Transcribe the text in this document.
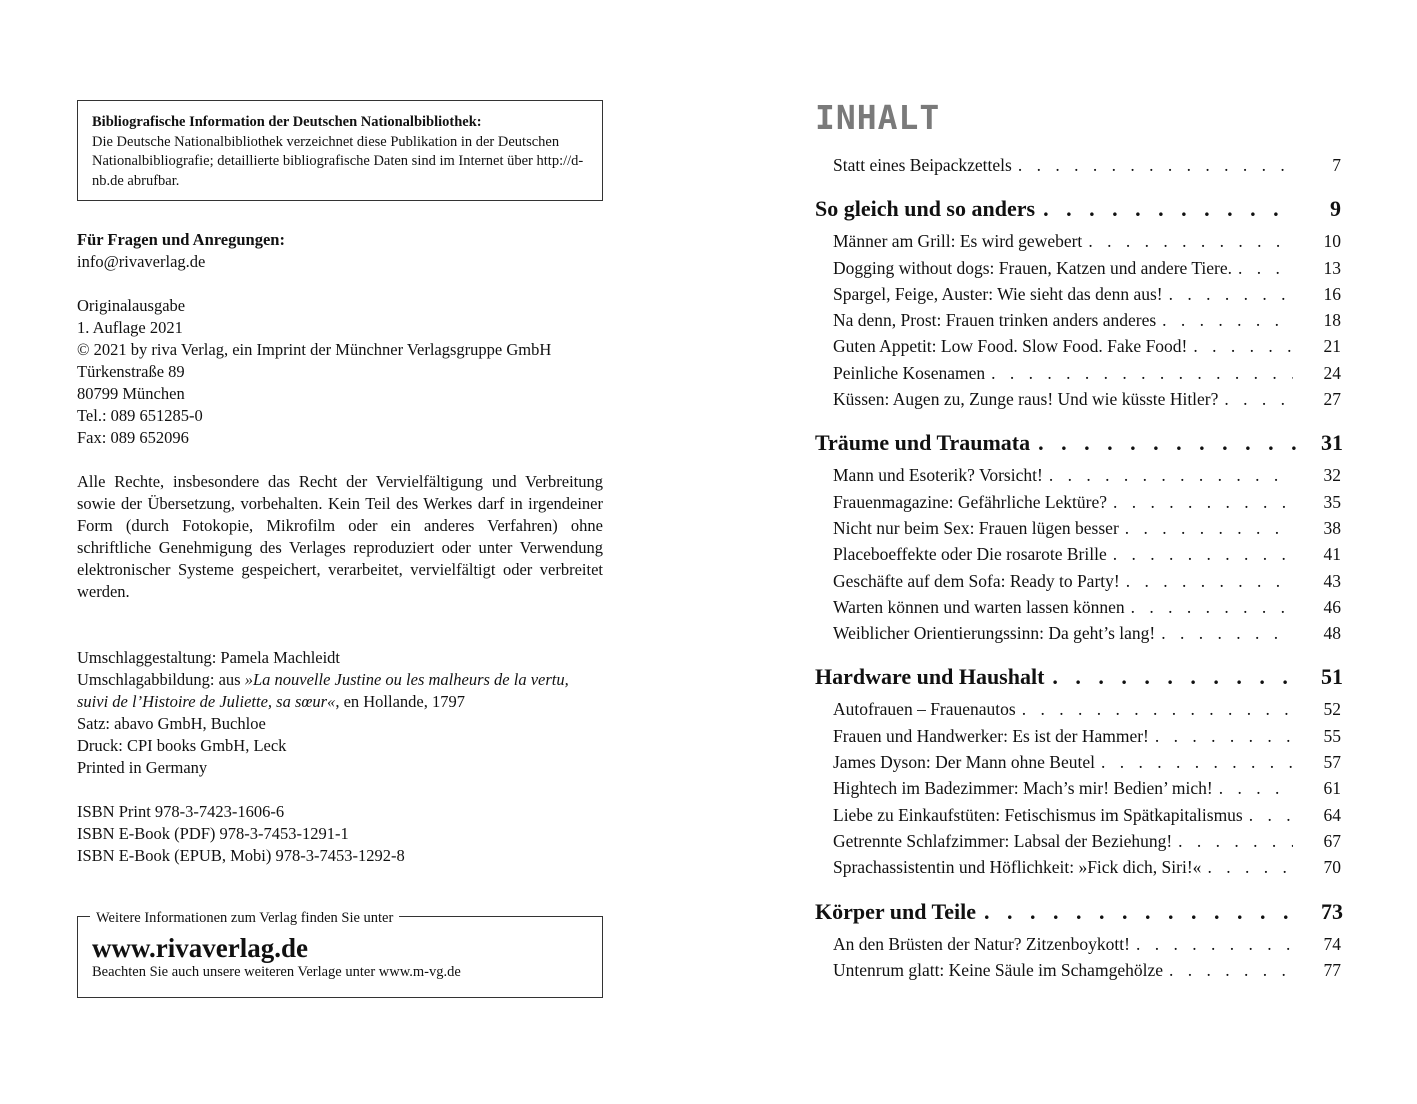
Bibliografische Information der Deutschen Nationalbibliothek:
Die Deutsche Nationalbibliothek verzeichnet diese Publikation in der Deutschen Nationalbibliografie; detaillierte bibliografische Daten sind im Internet über http://d-nb.de abrufbar.
Für Fragen und Anregungen:
info@rivaverlag.de
Originalausgabe
1. Auflage 2021
© 2021 by riva Verlag, ein Imprint der Münchner Verlagsgruppe GmbH
Türkenstraße 89
80799 München
Tel.: 089 651285-0
Fax: 089 652096
Alle Rechte, insbesondere das Recht der Vervielfältigung und Verbreitung sowie der Übersetzung, vorbehalten. Kein Teil des Werkes darf in irgendeiner Form (durch Fotokopie, Mikrofilm oder ein anderes Verfahren) ohne schriftliche Genehmigung des Verlages reproduziert oder unter Verwendung elektronischer Systeme gespeichert, verarbeitet, vervielfältigt oder verbreitet werden.
Umschlaggestaltung: Pamela Machleidt
Umschlagabbildung: aus »La nouvelle Justine ou les malheurs de la vertu, suivi de l’Histoire de Juliette, sa sœur«, en Hollande, 1797
Satz: abavo GmbH, Buchloe
Druck: CPI books GmbH, Leck
Printed in Germany
ISBN Print 978-3-7423-1606-6
ISBN E-Book (PDF) 978-3-7453-1291-1
ISBN E-Book (EPUB, Mobi) 978-3-7453-1292-8
Weitere Informationen zum Verlag finden Sie unter
www.rivaverlag.de
Beachten Sie auch unsere weiteren Verlage unter www.m-vg.de
INHALT
Statt eines Beipackzettels . . .	7
So gleich und so anders . . .	9
Männer am Grill: Es wird gewebert . . .	10
Dogging without dogs: Frauen, Katzen und andere Tiere. . . .	13
Spargel, Feige, Auster: Wie sieht das denn aus! . . .	16
Na denn, Prost: Frauen trinken anders anderes . . .	18
Guten Appetit: Low Food. Slow Food. Fake Food! . . .	21
Peinliche Kosenamen . . .	24
Küssen: Augen zu, Zunge raus! Und wie küsste Hitler? . . .	27
Träume und Traumata . . .	31
Mann und Esoterik? Vorsicht! . . .	32
Frauenmagazine: Gefährliche Lektüre? . . .	35
Nicht nur beim Sex: Frauen lügen besser . . .	38
Placeboeffekte oder Die rosarote Brille . . .	41
Geschäfte auf dem Sofa: Ready to Party! . . .	43
Warten können und warten lassen können . . .	46
Weiblicher Orientierungssinn: Da geht’s lang! . . .	48
Hardware und Haushalt . . .	51
Autofrauen – Frauenautos . . .	52
Frauen und Handwerker: Es ist der Hammer! . . .	55
James Dyson: Der Mann ohne Beutel . . .	57
Hightech im Badezimmer: Mach’s mir! Bedien’ mich! . . .	61
Liebe zu Einkaufstüten: Fetischismus im Spätkapitalismus . . .	64
Getrennte Schlafzimmer: Labsal der Beziehung! . . .	67
Sprachassistentin und Höflichkeit: »Fick dich, Siri!« . . .	70
Körper und Teile . . .	73
An den Brüsten der Natur? Zitzenboykott! . . .	74
Untenrum glatt: Keine Säule im Schamgehölze . . .	77
